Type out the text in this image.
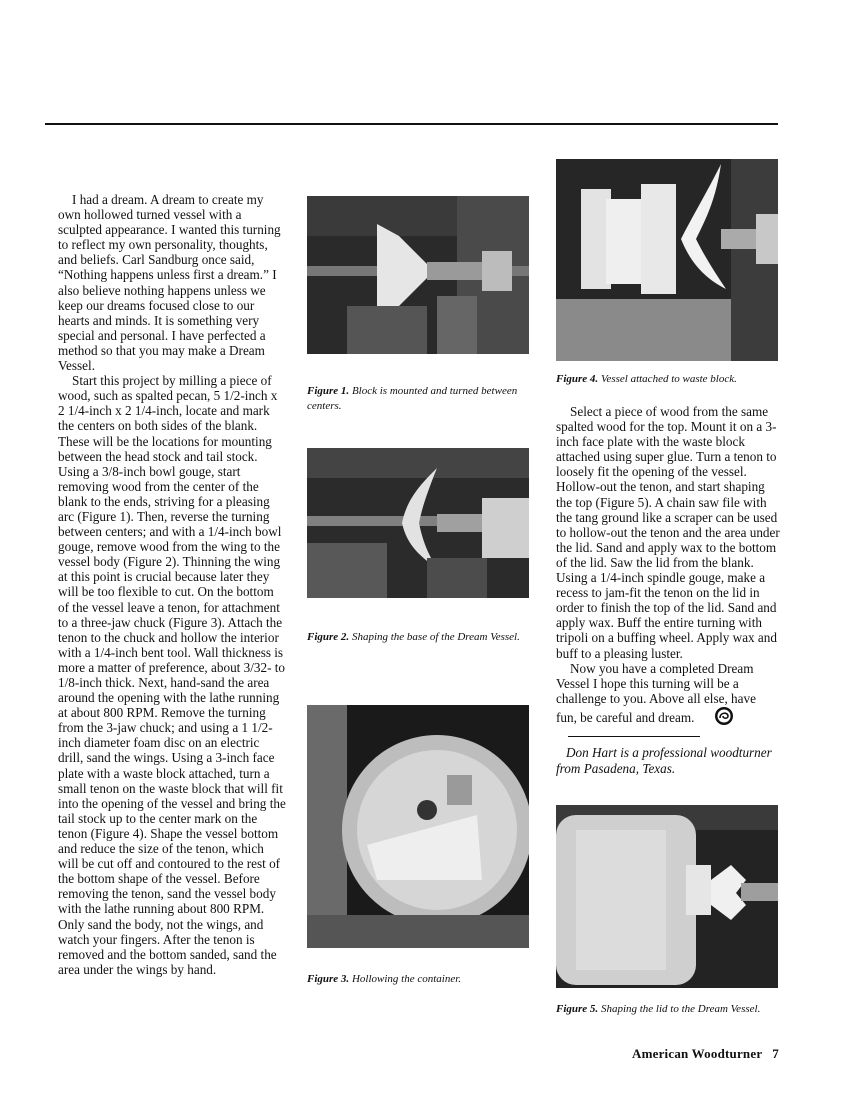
I had a dream. A dream to create my own hollowed turned vessel with a sculpted appearance. I wanted this turning to reflect my own personality, thoughts, and beliefs. Carl Sandburg once said, “Nothing happens unless first a dream.” I also believe nothing happens unless we keep our dreams focused close to our hearts and minds. It is something very special and personal. I have perfected a method so that you may make a Dream Vessel.

Start this project by milling a piece of wood, such as spalted pecan, 5 1/2-inch x 2 1/4-inch x 2 1/4-inch, locate and mark the centers on both sides of the blank. These will be the locations for mounting between the head stock and tail stock. Using a 3/8-inch bowl gouge, start removing wood from the center of the blank to the ends, striving for a pleasing arc (Figure 1). Then, reverse the turning between centers; and with a 1/4-inch bowl gouge, remove wood from the wing to the vessel body (Figure 2). Thinning the wing at this point is crucial because later they will be too flexible to cut. On the bottom of the vessel leave a tenon, for attachment to a three-jaw chuck (Figure 3). Attach the tenon to the chuck and hollow the interior with a 1/4-inch bent tool. Wall thickness is more a matter of preference, about 3/32- to 1/8-inch thick. Next, hand-sand the area around the opening with the lathe running at about 800 RPM. Remove the turning from the 3-jaw chuck; and using a 1 1/2-inch diameter foam disc on an electric drill, sand the wings. Using a 3-inch face plate with a waste block attached, turn a small tenon on the waste block that will fit into the opening of the vessel and bring the tail stock up to the center mark on the tenon (Figure 4). Shape the vessel bottom and reduce the size of the tenon, which will be cut off and contoured to the rest of the bottom shape of the vessel. Before removing the tenon, sand the vessel body with the lathe running about 800 RPM. Only sand the body, not the wings, and watch your fingers. After the tenon is removed and the bottom sanded, sand the area under the wings by hand.

Figure 1. Block is mounted and turned between centers.
Figure 2. Shaping the base of the Dream Vessel.
Figure 3. Hollowing the container.
Figure 4. Vessel attached to waste block.

Select a piece of wood from the same spalted wood for the top. Mount it on a 3-inch face plate with the waste block attached using super glue. Turn a tenon to loosely fit the opening of the vessel. Hollow-out the tenon, and start shaping the top (Figure 5). A chain saw file with the tang ground like a scraper can be used to hollow-out the tenon and the area under the lid. Sand and apply wax to the bottom of the lid. Saw the lid from the blank. Using a 1/4-inch spindle gouge, make a recess to jam-fit the tenon on the lid in order to finish the top of the lid. Sand and apply wax. Buff the entire turning with tripoli on a buffing wheel. Apply wax and buff to a pleasing luster.

Now you have a completed Dream Vessel I hope this turning will be a challenge to you. Above all else, have fun, be careful and dream.

Don Hart is a professional woodturner from Pasadena, Texas.
Figure 5. Shaping the lid to the Dream Vessel.
American Woodturner 7
